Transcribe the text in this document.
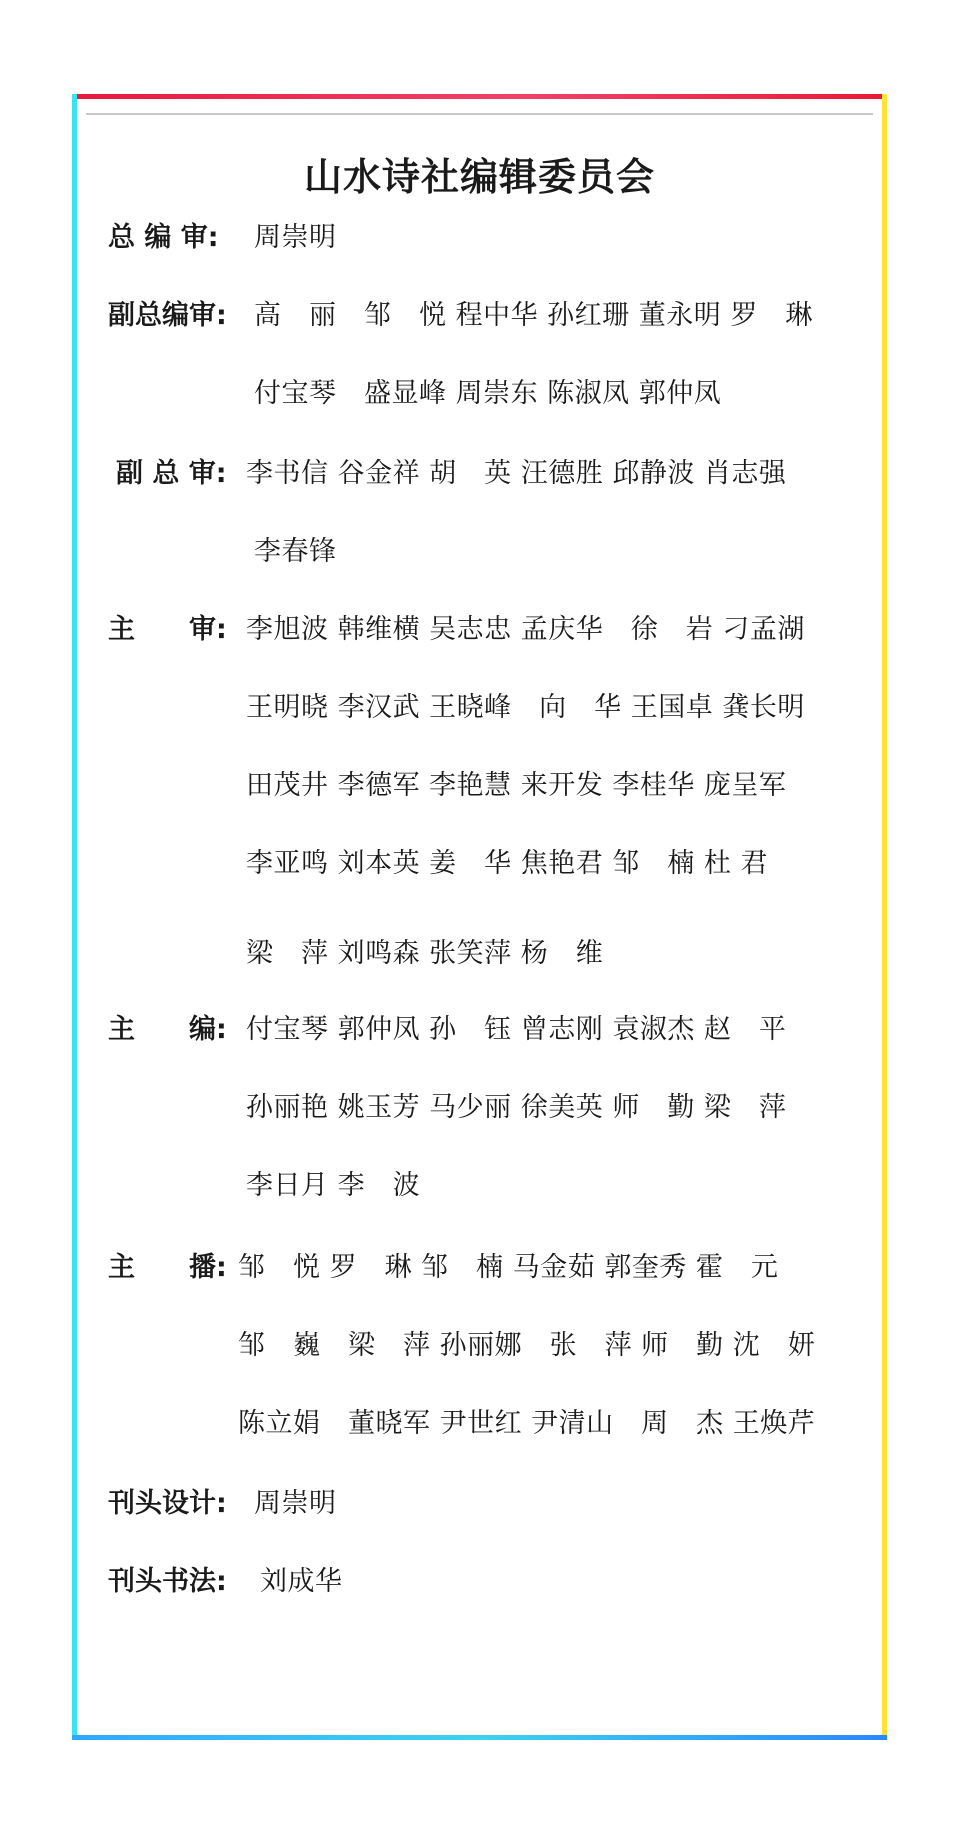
山水诗社编辑委员会
总 编 审: 周崇明
副总编审: 高　丽　邹　悦 程中华 孙红珊 董永明 罗　琳
付宝琴　盛显峰 周崇东 陈淑凤 郭仲凤
副 总 审: 李书信 谷金祥 胡　英 汪德胜 邱静波 肖志强
李春锋
主　　审: 李旭波 韩维横 吴志忠 孟庆华　徐　岩 刁孟湖
王明晓 李汉武 王晓峰　向　华 王国卓 龚长明
田茂井 李德军 李艳慧 来开发 李桂华 庞呈军
李亚鸣 刘本英 姜　华 焦艳君 邹　楠 杜 君
梁　萍 刘鸣森 张笑萍 杨　维
主　　编: 付宝琴 郭仲凤 孙　钰 曾志刚 袁淑杰 赵　平
孙丽艳 姚玉芳 马少丽 徐美英 师　勤 梁　萍
李日月 李　波
主　　播: 邹　悦 罗　琳 邹　楠 马金茹 郭奎秀 霍　元
邹　巍　梁　萍 孙丽娜　张　萍 师　勤 沈　妍
陈立娟　董晓军 尹世红 尹清山　周　杰 王焕芹
刊头设计: 周崇明
刊头书法: 刘成华
